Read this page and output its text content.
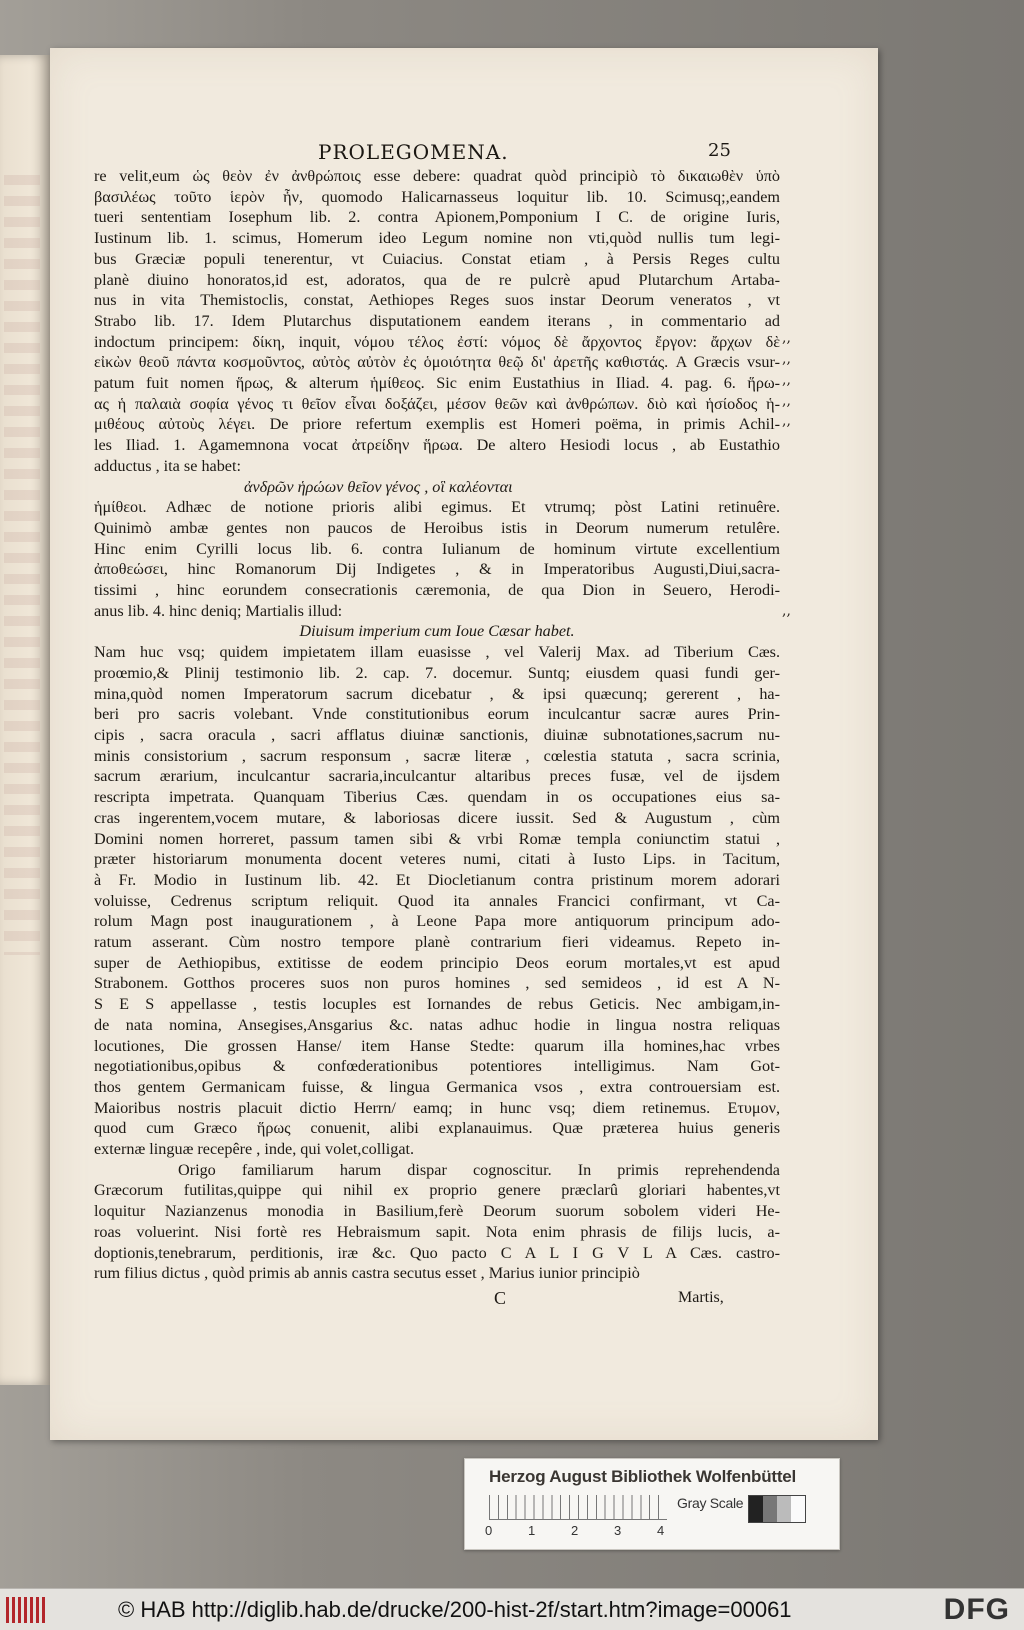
PROLEGOMENA.	25
re velit,eum ὡς θεὸν ἐν ἀνθρώποις esse debere: quadrat quòd principiò τὸ δικαιωθὲν ὑπὸ
βασιλέως τοῦτο ἱερὸν ἦν, quomodo Halicarnasseus loquitur lib. 10. Scimusq;,eandem
tueri sententiam Iosephum lib. 2. contra Apionem,Pomponium I C. de origine Iuris,
Iustinum lib. 1. scimus, Homerum ideo Legum nomine non vti,quòd nullis tum legi-
bus Græciæ populi tenerentur, vt Cuiacius. Constat etiam , à Persis Reges cultu
planè diuino honoratos,id est, adoratos, qua de re pulcrè apud Plutarchum Artaba-
nus in vita Themistoclis, constat, Aethiopes Reges suos instar Deorum veneratos , vt
Strabo lib. 17. Idem Plutarchus disputationem eandem iterans , in commentario ad
indoctum principem: δίκη, inquit, νόμου τέλος ἐστί: νόμος δὲ ἄρχοντος ἔργον: ἄρχων δὲ
εἰκὼν θεοῦ πάντα κοσμοῦντος, αὐτὸς αὐτὸν ἐς ὁμοιότητα θεῷ δι' ἀρετῆς καθιστάς. A Græcis vsur-
patum fuit nomen ἥρως, & alterum ἡμίθεος. Sic enim Eustathius in Iliad. 4. pag. 6. ἥρω-
ας ἡ παλαιὰ σοφία γένος τι θεῖον εἶναι δοξάζει, μέσον θεῶν καὶ ἀνθρώπων. διὸ καὶ ἡσίοδος ἡ-
μιθέους αὐτοὺς λέγει. De priore refertum exemplis est Homeri poëma, in primis Achil-
les Iliad. 1. Agamemnona vocat ἀτρείδην ἥρωα. De altero Hesiodi locus , ab Eustathio
adductus , ita se habet:
ἀνδρῶν ἡρώων θεῖον γένος , οἳ καλέονται
ἡμίθεοι. Adhæc de notione prioris alibi egimus. Et vtrumq; pòst Latini retinuêre.
Quinimò ambæ gentes non paucos de Heroibus istis in Deorum numerum retulêre.
Hinc enim Cyrilli locus lib. 6. contra Iulianum de hominum virtute excellentium
ἀποθεώσει, hinc Romanorum Dij Indigetes , & in Imperatoribus Augusti,Diui,sacra-
tissimi , hinc eorundem consecrationis cæremonia, de qua Dion in Seuero, Herodi-
anus lib. 4. hinc deniq; Martialis illud:
Diuisum imperium cum Ioue Cæsar habet.
Nam huc vsq; quidem impietatem illam euasisse , vel Valerij Max. ad Tiberium Cæs.
proœmio,& Plinij testimonio lib. 2. cap. 7. docemur. Suntq; eiusdem quasi fundi ger-
mina,quòd nomen Imperatorum sacrum dicebatur , & ipsi quæcunq; gererent , ha-
beri pro sacris volebant. Vnde constitutionibus eorum inculcantur sacræ aures Prin-
cipis , sacra oracula , sacri afflatus diuinæ sanctionis, diuinæ subnotationes,sacrum nu-
minis consistorium , sacrum responsum , sacræ literæ , cœlestia statuta , sacra scrinia,
sacrum ærarium, inculcantur sacraria,inculcantur altaribus preces fusæ, vel de ijsdem
rescripta impetrata. Quanquam Tiberius Cæs. quendam in os occupationes eius sa-
cras ingerentem,vocem mutare, & laboriosas dicere iussit. Sed & Augustum , cùm
Domini nomen horreret, passum tamen sibi & vrbi Romæ templa coniunctim statui ,
præter historiarum monumenta docent veteres numi, citati à Iusto Lips. in Tacitum,
à Fr. Modio in Iustinum lib. 42. Et Diocletianum contra pristinum morem adorari
voluisse, Cedrenus scriptum reliquit. Quod ita annales Francici confirmant, vt Ca-
rolum Magn post inaugurationem , à Leone Papa more antiquorum principum ado-
ratum asserant. Cùm nostro tempore planè contrarium fieri videamus. Repeto in-
super de Aethiopibus, extitisse de eodem principio Deos eorum mortales,vt est apud
Strabonem. Gotthos proceres suos non puros homines , sed semideos , id est A N-
S E S appellasse , testis locuples est Iornandes de rebus Geticis. Nec ambigam,in-
de nata nomina, Ansegises,Ansgarius &c. natas adhuc hodie in lingua nostra reliquas
locutiones, Die grossen Hanse/ item Hanse Stedte: quarum illa homines,hac vrbes
negotiationibus,opibus & confœderationibus potentiores intelligimus. Nam Got-
thos gentem Germanicam fuisse, & lingua Germanica vsos , extra controuersiam est.
Maioribus nostris placuit dictio Herrn/ eamq; in hunc vsq; diem retinemus. Ετυμον,
quod cum Græco ἥρως conuenit, alibi explanauimus. Quæ præterea huius generis
externæ linguæ recepêre , inde, qui volet,colligat.
Origo familiarum harum dispar cognoscitur. In primis reprehendenda
Græcorum futilitas,quippe qui nihil ex proprio genere præclarû gloriari habentes,vt
loquitur Nazianzenus monodia in Basilium,ferè Deorum suorum sobolem videri He-
roas voluerint. Nisi fortè res Hebraismum sapit. Nota enim phrasis de filijs lucis, a-
doptionis,tenebrarum, perditionis, iræ &c. Quo pacto C A L I G V L A Cæs. castro-
rum filius dictus , quòd primis ab annis castra secutus esset , Marius iunior principiò
,,
,,
,,
,,
,,
,,
C	Martis,
Herzog August Bibliothek Wolfenbüttel
0	1	2	3	4
Gray Scale
© HAB http://diglib.hab.de/drucke/200-hist-2f/start.htm?image=00061	DFG
